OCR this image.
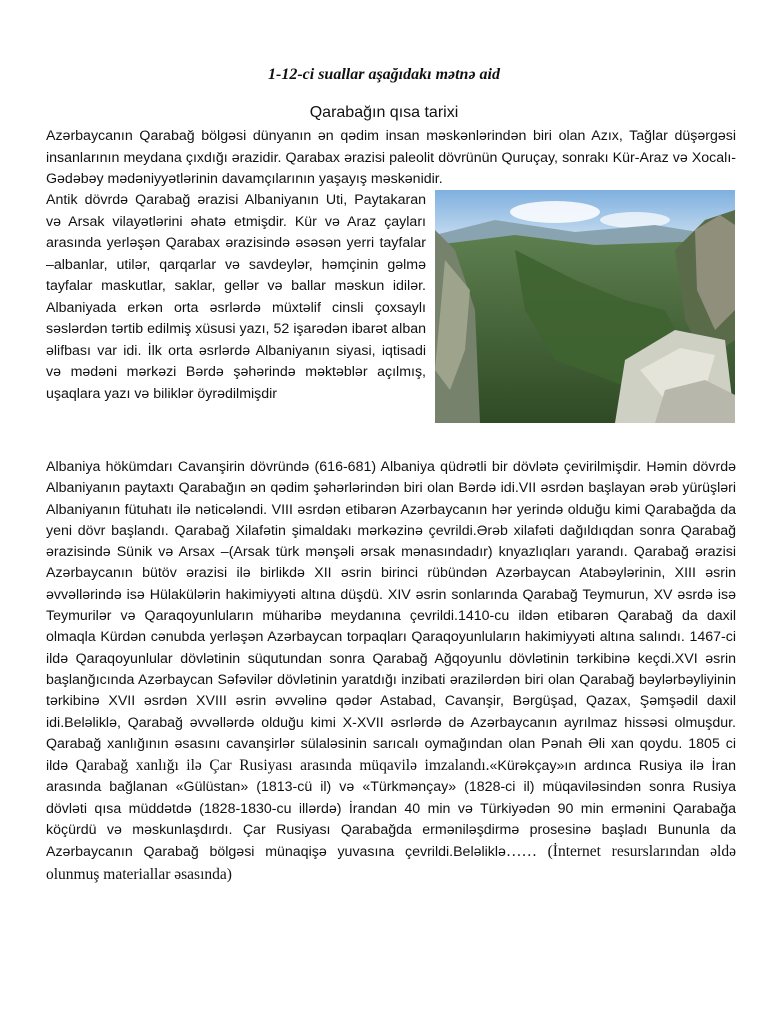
1-12-ci suallar aşağıdakı mətnə aid
Qarabağın qısa tarixi

Azərbaycanın Qarabağ bölgəsi dünyanın ən qədim insan məskənlərindən biri olan Azıx, Tağlar düşərgəsi insanlarının meydana çıxdığı ərazidir. Qarabax ərazisi paleolit dövrünün Quruçay, sonrakı Kür-Araz və Xocalı-Gədəbəy mədəniyyətlərinin davamçılarının yaşayış məskənidir.

Antik dövrdə Qarabağ ərazisi Albaniyanın Uti, Paytakaran və Arsak vilayətlərini əhatə etmişdir. Kür və Araz çayları arasında yerləşən Qarabax ərazisində əsəsən yerri tayfalar –albanlar, utilər, qarqarlar və savdeylər, həmçinin gəlmə tayfalar maskutlar, saklar, gellər və ballar məskun idilər. Albaniyada erkən orta əsrlərdə müxtəlif cinsli çoxsaylı səslərdən tərtib edilmiş xüsusi yazı, 52 işarədən ibarət alban əlifbası var idi. İlk orta əsrlərdə Albaniyanın siyasi, iqtisadi və mədəni mərkəzi Bərdə şəhərində məktəblər açılmış, uşaqlara yazı və biliklər öyrədilmişdir

Albaniya hökümdarı Cavanşirin dövründə (616-681) Albaniya qüdrətli bir dövlətə çevirilmişdir. Həmin dövrdə Albaniyanın paytaxtı Qarabağın ən qədim şəhərlərindən biri olan Bərdə idi.VII əsrdən başlayan ərəb yürüşləri Albaniyanın fütuhatı ilə nəticələndi. VIII əsrdən etibarən Azərbaycanın hər yerində olduğu kimi Qarabağda da yeni dövr başlandı. Qarabağ Xilafətin şimaldakı mərkəzinə çevrildi.Ərəb xilafəti dağıldıqdan sonra Qarabağ ərazisində Sünik və Arsax –(Arsak türk mənşəli ərsak mənasındadır) knyazlıqları yarandı. Qarabağ ərazisi Azərbaycanın bütöv ərazisi ilə birlikdə XII əsrin birinci rübündən Azərbaycan Atabəylərinin, XIII əsrin əvvəllərində isə Hülakülərin hakimiyyəti altına düşdü. XIV əsrin sonlarında Qarabağ Teymurun, XV əsrdə isə Teymurilər və Qaraqoyunluların müharibə meydanına çevrildi.1410-cu ildən etibarən Qarabağ da daxil olmaqla Kürdən cənubda yerləşən Azərbaycan torpaqları Qaraqoyunluların hakimiyyəti altına salındı. 1467-ci ildə Qaraqoyunlular dövlətinin süqutundan sonra Qarabağ Ağqoyunlu dövlətinin tərkibinə keçdi.XVI əsrin başlanğıcında Azərbaycan Səfəvilər dövlətinin yaratdığı inzibati ərazilərdən biri olan Qarabağ bəylərbəyliyinin tərkibinə XVII əsrdən XVIII əsrin əvvəlinə qədər Astabad, Cavanşir, Bərgüşad, Qazax, Şəmşədil daxil idi.Beləliklə, Qarabağ əvvəllərdə olduğu kimi X-XVII əsrlərdə də Azərbaycanın ayrılmaz hissəsi olmuşdur. Qarabağ xanlığının əsasını cavanşirlər sülaləsinin sarıcalı oymağından olan Pənah Əli xan qoydu. 1805 ci ildə Qarabağ xanlığı ilə Çar Rusiyası arasında müqavilə imzalandı.«Kürəkçay»ın ardınca Rusiya ilə İran arasında bağlanan «Gülüstan» (1813-cü il) və «Türkmənçay» (1828-ci il) müqaviləsindən sonra Rusiya dövləti qısa müddətdə (1828-1830-cu illərdə) İrandan 40 min və Türkiyədən 90 min ermənini Qarabağa köçürdü və məskunlaşdırdı. Çar Rusiyası Qarabağda erməniləşdirmə prosesinə başladı Bununla da Azərbaycanın Qarabağ bölgəsi münaqişə yuvasına çevrildi.Beləliklə…… (İnternet resurslarından əldə olunmuş materiallar əsasında)
